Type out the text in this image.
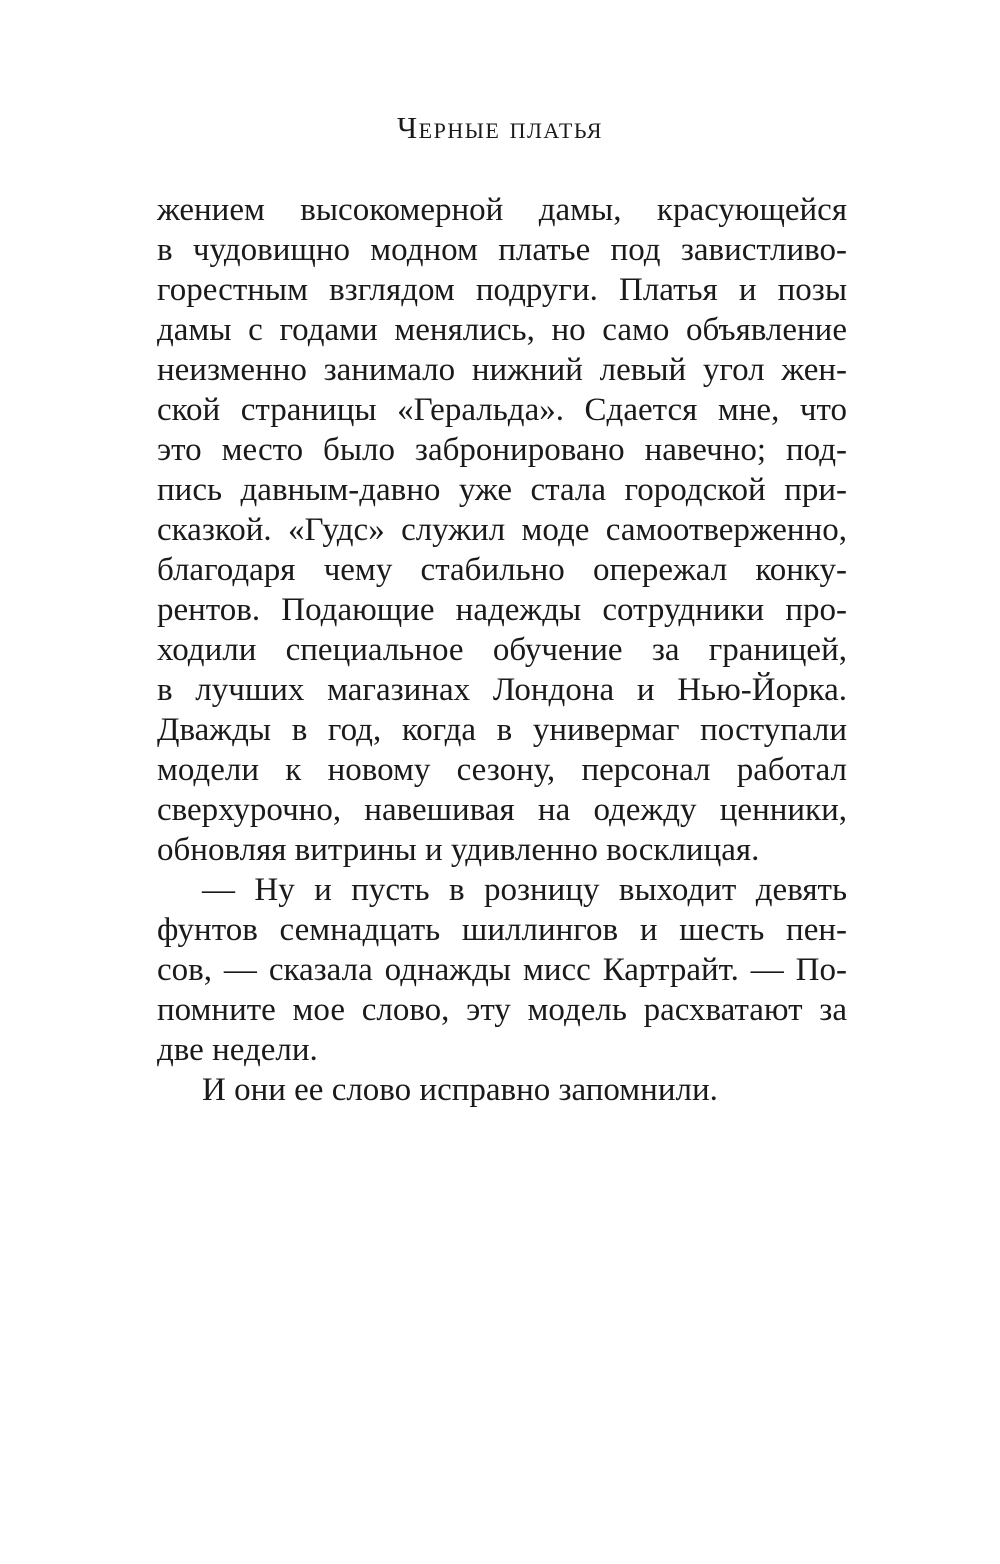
Черные платья
жением высокомерной дамы, красующейся
в чудовищно модном платье под завистливо-
горестным взглядом подруги. Платья и позы
дамы с годами менялись, но само объявление
неизменно занимало нижний левый угол жен-
ской страницы «Геральда». Сдается мне, что
это место было забронировано навечно; под-
пись давным-давно уже стала городской при-
сказкой. «Гудс» служил моде самоотверженно,
благодаря чему стабильно опережал конку-
рентов. Подающие надежды сотрудники про-
ходили специальное обучение за границей,
в лучших магазинах Лондона и Нью-Йорка.
Дважды в год, когда в универмаг поступали
модели к новому сезону, персонал работал
сверхурочно, навешивая на одежду ценники,
обновляя витрины и удивленно восклицая.
— Ну и пусть в розницу выходит девять
фунтов семнадцать шиллингов и шесть пен-
сов, — сказала однажды мисс Картрайт. — По-
помните мое слово, эту модель расхватают за
две недели.
И они ее слово исправно запомнили.
